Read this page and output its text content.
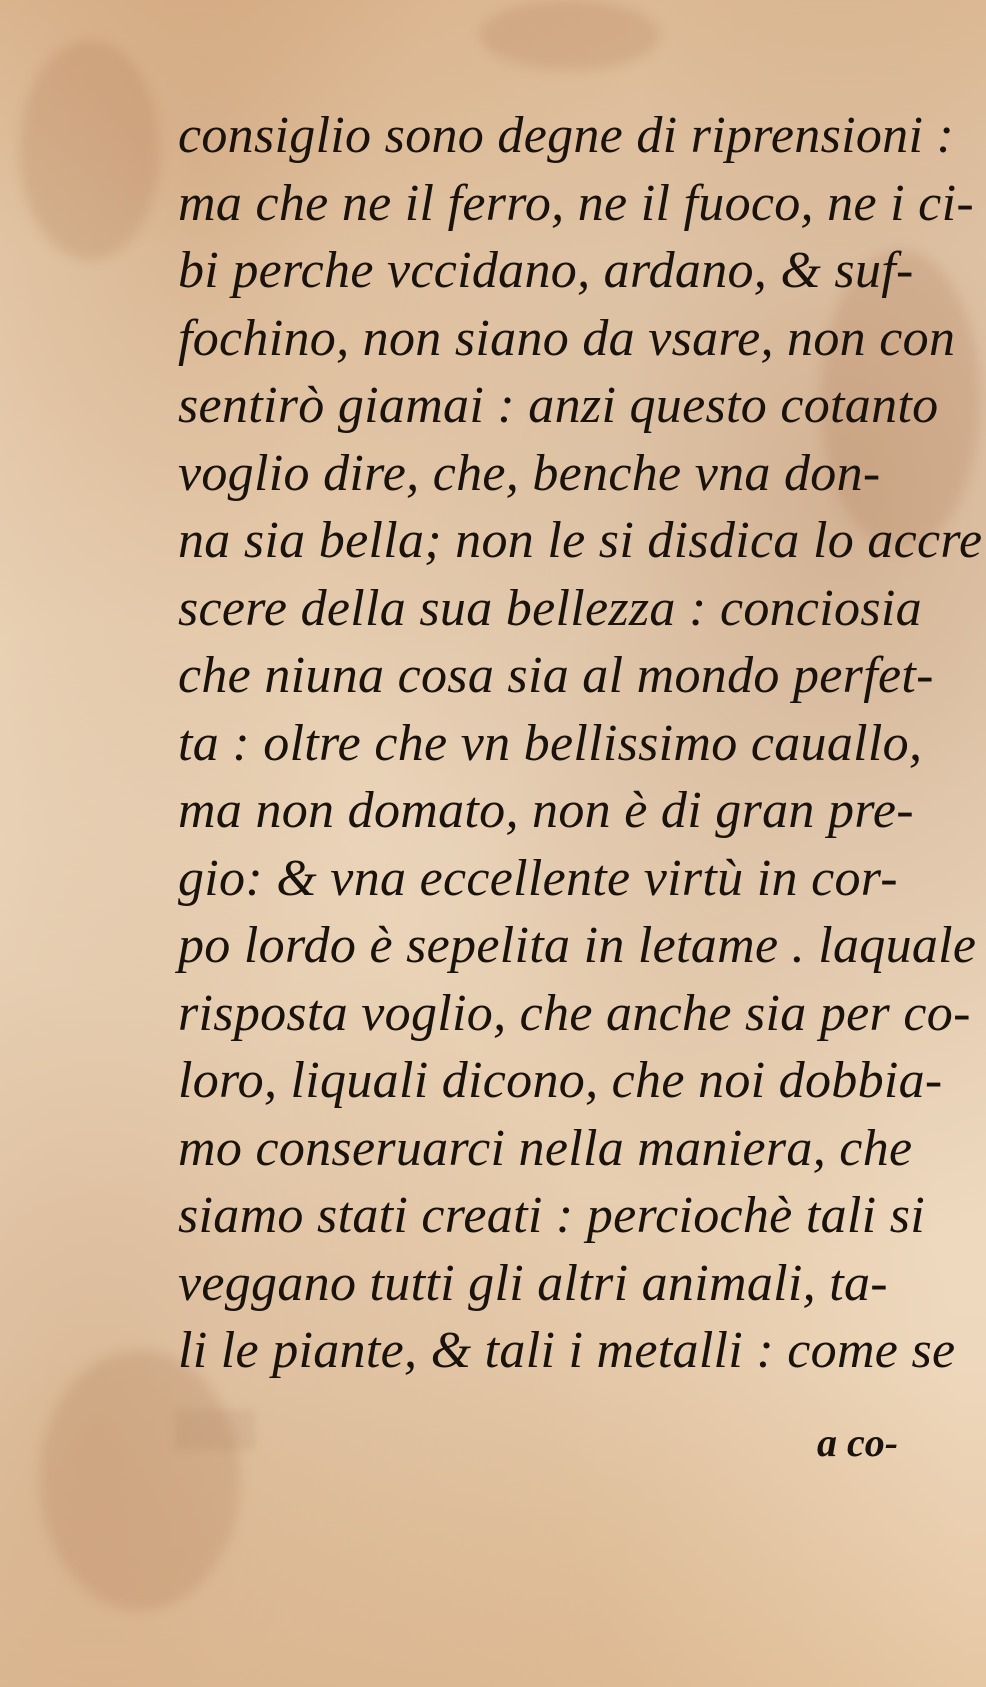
consiglio sono degne di riprensioni :
ma che ne il ferro, ne il fuoco, ne i ci-
bi perche vccidano, ardano, & suf-
fochino, non siano da vsare, non con
sentirò giamai : anzi questo cotanto
voglio dire, che, benche vna don-
na sia bella; non le si disdica lo accre
scere della sua bellezza : conciosia
che niuna cosa sia al mondo perfet-
ta : oltre che vn bellissimo cauallo,
ma non domato, non è di gran pre-
gio: & vna eccellente virtù in cor-
po lordo è sepelita in letame . laquale
risposta voglio, che anche sia per co-
loro, liquali dicono, che noi dobbia-
mo conseruarci nella maniera, che
siamo stati creati : perciochè tali si
veggano tutti gli altri animali, ta-
li le piante, & tali i metalli : come se
a co-
